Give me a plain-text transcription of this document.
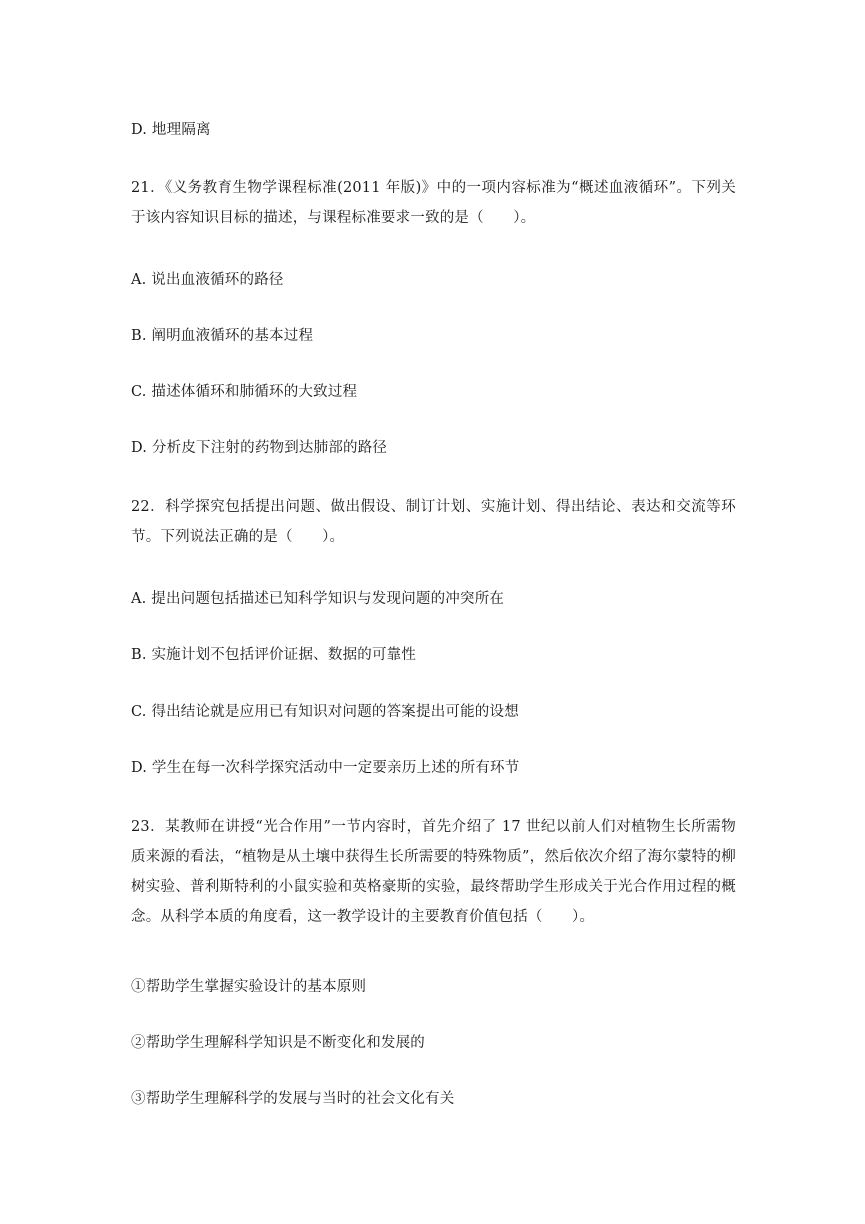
D. 地理隔离
21．《义务教育生物学课程标准(2011 年版)》中的一项内容标准为“概述血液循环”。下列关于该内容知识目标的描述，与课程标准要求一致的是（　　）。
A. 说出血液循环的路径
B. 阐明血液循环的基本过程
C. 描述体循环和肺循环的大致过程
D. 分析皮下注射的药物到达肺部的路径
22．科学探究包括提出问题、做出假设、制订计划、实施计划、得出结论、表达和交流等环节。下列说法正确的是（　　）。
A. 提出问题包括描述已知科学知识与发现问题的冲突所在
B. 实施计划不包括评价证据、数据的可靠性
C. 得出结论就是应用已有知识对问题的答案提出可能的设想
D. 学生在每一次科学探究活动中一定要亲历上述的所有环节
23．某教师在讲授“光合作用”一节内容时，首先介绍了 17 世纪以前人们对植物生长所需物质来源的看法，“植物是从土壤中获得生长所需要的特殊物质”，然后依次介绍了海尔蒙特的柳树实验、普利斯特利的小鼠实验和英格豪斯的实验，最终帮助学生形成关于光合作用过程的概念。从科学本质的角度看，这一教学设计的主要教育价值包括（　　）。
①帮助学生掌握实验设计的基本原则
②帮助学生理解科学知识是不断变化和发展的
③帮助学生理解科学的发展与当时的社会文化有关
